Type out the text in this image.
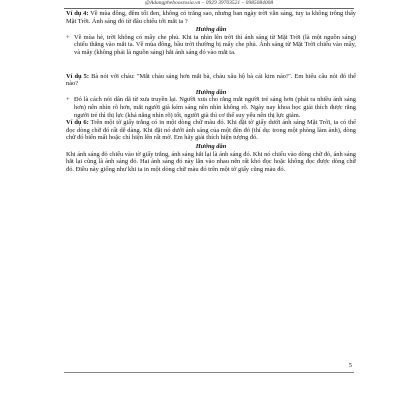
@Adangpheboosrosia.vn – 0929 39703521 – 0985084008

Ví dụ 4: Về mùa đông, đêm tối đen, không có trăng sao, nhưng ban ngày trời vẫn sáng, tuy ta không trông thấy Mặt Trời. Ánh sáng đó từ đâu chiếu tới mắt ta ?

Hướng dẫn

+ Về mùa hè, trời không có mây che phủ. Khi ta nhìn lên trời thì ánh sáng từ Mặt Trời (là một nguồn sáng) chiếu thẳng vào mắt ta. Về mùa đông, bầu trời thường bị mây che phủ. Ánh sáng từ Mặt Trời chiếu vào mây, và mây (không phải là nguồn sáng) hắt ánh sáng đó vào mắt ta.

Ví dụ 5: Bà nói với cháu: "Mắt cháu sáng hơn mắt bà, cháu xâu hộ bà cái kim nào!". Em hiểu câu nói đó thế nào?

Hướng dẫn

+ Đó là cách nói dân dã từ xưa truyền lại. Người xưa cho rằng mắt người trẻ sáng hơn (phát ra nhiều ánh sáng hơn) nên nhìn rõ hơn, mắt người già kém sáng nên nhìn không rõ. Ngày nay khoa học giải thích được rằng người trẻ thì thị lực (khả năng nhìn rõ) tốt, người già thì cơ thể suy yếu nên thị lực giảm.

Ví dụ 6: Trên một tờ giấy trắng có in một dòng chữ màu đỏ. Khi đặt tờ giấy dưới ánh sáng Mặt Trời, ta có thể đọc dòng chữ đó rất dễ dàng. Khi đặt nó dưới ánh sáng của một đèn đỏ (thí dụ: trong một phòng làm ảnh), dòng chữ đó biến mất hoặc chỉ hiện lên rất mờ. Em hãy giải thích hiện tượng đó.

Hướng dẫn

Khi ánh sáng đỏ chiếu vào tờ giấy trắng, ánh sáng hắt lại là ánh sáng đỏ. Khi nó chiếu vào dòng chữ đỏ, ánh sáng hắt lại cũng là ánh sáng đỏ. Hai ánh sáng đỏ này lẫn vào nhau nên rất khó đọc hoặc không đọc được dòng chữ đỏ. Điều này giống như khi ta in một dòng chữ màu đỏ trên một tờ giấy cũng màu đỏ.

5
